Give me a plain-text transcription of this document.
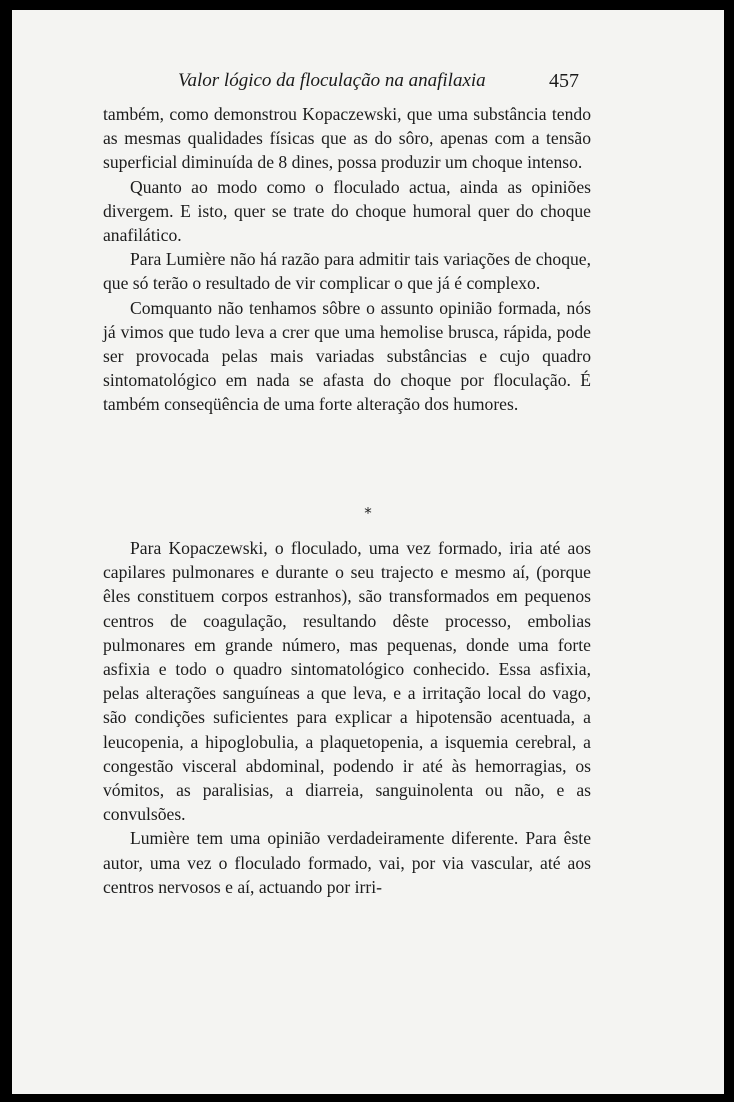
Valor lógico da floculação na anafilaxia	457

também, como demonstrou Kopaczewski, que uma substância tendo as mesmas qualidades físicas que as do sôro, apenas com a tensão superficial diminuída de 8 dines, possa produzir um choque intenso.

Quanto ao modo como o floculado actua, ainda as opiniões divergem. E isto, quer se trate do choque humoral quer do choque anafilático.

Para Lumière não há razão para admitir tais variações de choque, que só terão o resultado de vir complicar o que já é complexo.

Comquanto não tenhamos sôbre o assunto opinião formada, nós já vimos que tudo leva a crer que uma hemolise brusca, rápida, pode ser provocada pelas mais variadas substâncias e cujo quadro sintomatológico em nada se afasta do choque por floculação. É também conseqüência de uma forte alteração dos humores.

*

Para Kopaczewski, o floculado, uma vez formado, iria até aos capilares pulmonares e durante o seu trajecto e mesmo aí, (porque êles constituem corpos estranhos), são transformados em pequenos centros de coagulação, resultando dêste processo, embolias pulmonares em grande número, mas pequenas, donde uma forte asfixia e todo o quadro sintomatológico conhecido. Essa asfixia, pelas alterações sanguíneas a que leva, e a irritação local do vago, são condições suficientes para explicar a hipotensão acentuada, a leucopenia, a hipoglobulia, a plaquetopenia, a isquemia cerebral, a congestão visceral abdominal, podendo ir até às hemorragias, os vómitos, as paralisias, a diarreia, sanguinolenta ou não, e as convulsões.

Lumière tem uma opinião verdadeiramente diferente. Para êste autor, uma vez o floculado formado, vai, por via vascular, até aos centros nervosos e aí, actuando por irri-
